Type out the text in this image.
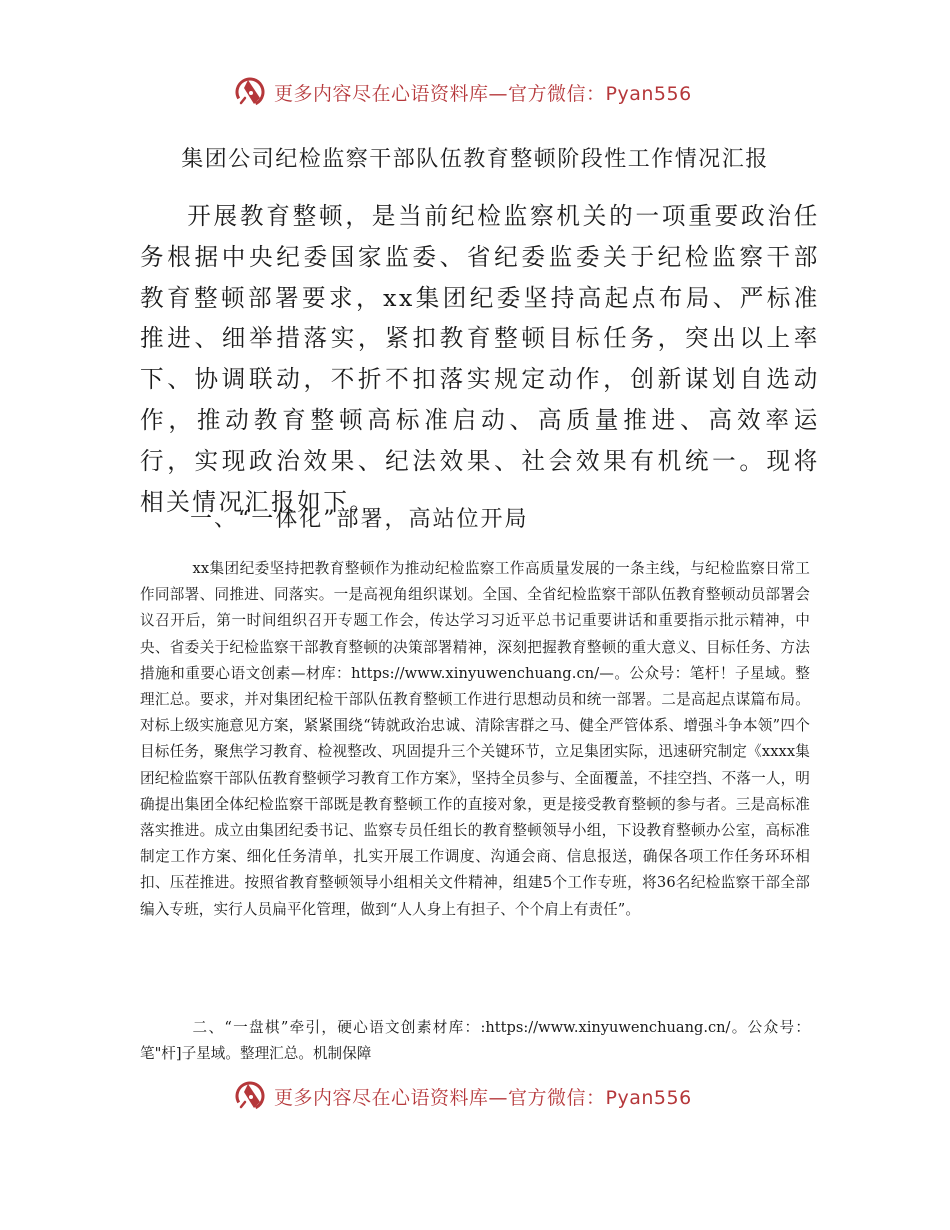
更多内容尽在心语资料库—官方微信：Pyan556
集团公司纪检监察干部队伍教育整顿阶段性工作情况汇报

开展教育整顿，是当前纪检监察机关的一项重要政治任务根据中央纪委国家监委、省纪委监委关于纪检监察干部教育整顿部署要求，xx集团纪委坚持高起点布局、严标准推进、细举措落实，紧扣教育整顿目标任务，突出以上率下、协调联动，不折不扣落实规定动作，创新谋划自选动作，推动教育整顿高标准启动、高质量推进、高效率运行，实现政治效果、纪法效果、社会效果有机统一。现将相关情况汇报如下。

一、“一体化”部署，高站位开局

xx集团纪委坚持把教育整顿作为推动纪检监察工作高质量发展的一条主线，与纪检监察日常工作同部署、同推进、同落实。一是高视角组织谋划。全国、全省纪检监察干部队伍教育整顿动员部署会议召开后，第一时间组织召开专题工作会，传达学习习近平总书记重要讲话和重要指示批示精神，中央、省委关于纪检监察干部教育整顿的决策部署精神，深刻把握教育整顿的重大意义、目标任务、方法措施和重要心语文创素—材库：https://www.xinyuwenchuang.cn/—。公众号：笔杆！子星域。整理汇总。要求，并对集团纪检干部队伍教育整顿工作进行思想动员和统一部署。二是高起点谋篇布局。对标上级实施意见方案，紧紧围绕“铸就政治忠诚、清除害群之马、健全严管体系、增强斗争本领”四个目标任务，聚焦学习教育、检视整改、巩固提升三个关键环节，立足集团实际，迅速研究制定《xxxx集团纪检监察干部队伍教育整顿学习教育工作方案》，坚持全员参与、全面覆盖，不挂空挡、不落一人，明确提出集团全体纪检监察干部既是教育整顿工作的直接对象，更是接受教育整顿的参与者。三是高标准落实推进。成立由集团纪委书记、监察专员任组长的教育整顿领导小组，下设教育整顿办公室，高标准制定工作方案、细化任务清单，扎实开展工作调度、沟通会商、信息报送，确保各项工作任务环环相扣、压茬推进。按照省教育整顿领导小组相关文件精神，组建5个工作专班，将36名纪检监察干部全部编入专班，实行人员扁平化管理，做到“人人身上有担子、个个肩上有责任”。

二、“一盘棋”牵引，硬心语文创素材库：:https://www.xinyuwenchuang.cn/。公众号：笔"杆]子星域。整理汇总。机制保障

更多内容尽在心语资料库—官方微信：Pyan556
